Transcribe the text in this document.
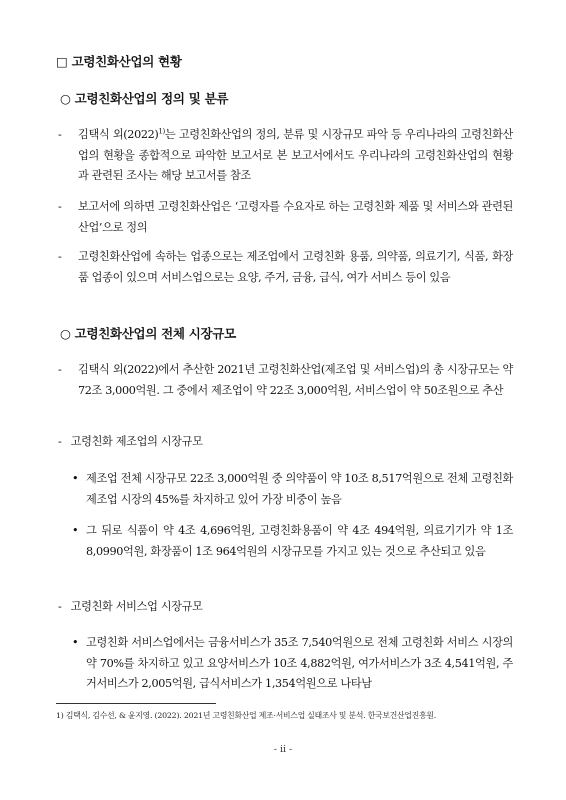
□ 고령친화산업의 현황
○ 고령친화산업의 정의 및 분류
- 김택식 외$(2022)^{1)}$는 고령친화산업의 정의, 분류 및 시장규모 파악 등 우리나라의 고령친화산업의 현황을 종합적으로 파악한 보고서로 본 보고서에서도 우리나라의 고령친화산업의 현황과 관련된 조사는 해당 보고서를 참조
- 보고서에 의하면 고령친화산업은 ‘고령자를 수요자로 하는 고령친화 제품 및 서비스와 관련된 산업’으로 정의
- 고령친화산업에 속하는 업종으로는 제조업에서 고령친화 용품, 의약품, 의료기기, 식품, 화장품 업종이 있으며 서비스업으로는 요양, 주거, 금융, 급식, 여가 서비스 등이 있음
○ 고령친화산업의 전체 시장규모
- 김택식 외(2022)에서 추산한 2021년 고령친화산업(제조업 및 서비스업)의 총 시장규모는 약 72조 3,000억원. 그 중에서 제조업이 약 22조 3,000억원, 서비스업이 약 50조원으로 추산
- 고령친화 제조업의 시장규모
• 제조업 전체 시장규모 22조 3,000억원 중 의약품이 약 10조 8,517억원으로 전체 고령친화 제조업 시장의 45%를 차지하고 있어 가장 비중이 높음
• 그 뒤로 식품이 약 4조 4,696억원, 고령친화용품이 약 4조 494억원, 의료기기가 약 1조 8,0990억원, 화장품이 1조 964억원의 시장규모를 가지고 있는 것으로 추산되고 있음
- 고령친화 서비스업 시장규모
• 고령친화 서비스업에서는 금융서비스가 35조 7,540억원으로 전체 고령친화 서비스 시장의 약 70%를 차지하고 있고 요양서비스가 10조 4,882억원, 여가서비스가 3조 4,541억원, 주거서비스가 2,005억원, 급식서비스가 1,354억원으로 나타남
1) 김택식, 김수선, & 윤지영. (2022). 2021년 고령친화산업 제조·서비스업 실태조사 및 분석. 한국보건산업진흥원.
- ii -
